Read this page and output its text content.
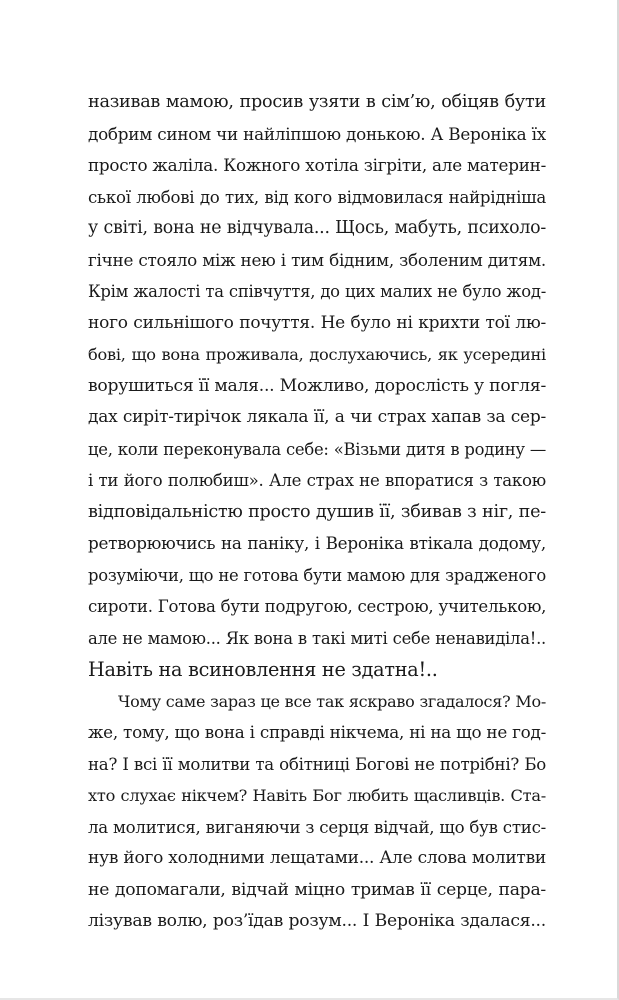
називав мамою, просив узяти в сім’ю, обіцяв бути
добрим сином чи найліпшою донькою. А Вероніка їх
просто жаліла. Кожного хотіла зігріти, але материн-
ської любові до тих, від кого відмовилася найрідніша
у світі, вона не відчувала... Щось, мабуть, психоло-
гічне стояло між нею і тим бідним, зболеним дитям.
Крім жалості та співчуття, до цих малих не було жод-
ного сильнішого почуття. Не було ні крихти тої лю-
бові, що вона проживала, дослухаючись, як усередині
ворушиться її маля... Можливо, дорослість у погля-
дах сиріт-тирічок лякала її, а чи страх хапав за сер-
це, коли переконувала себе: «Візьми дитя в родину —
і ти його полюбиш». Але страх не впоратися з такою
відповідальністю просто душив її, збивав з ніг, пе-
ретворюючись на паніку, і Вероніка втікала додому,
розуміючи, що не готова бути мамою для зрадженого
сироти. Готова бути подругою, сестрою, учителькою,
але не мамою... Як вона в такі миті себе ненавиділа!..
Навіть на всиновлення не здатна!..
Чому саме зараз це все так яскраво згадалося? Мо-
же, тому, що вона і справді нікчема, ні на що не год-
на? І всі її молитви та обітниці Богові не потрібні? Бо
хто слухає нікчем? Навіть Бог любить щасливців. Ста-
ла молитися, виганяючи з серця відчай, що був стис-
нув його холодними лещатами... Але слова молитви
не допомагали, відчай міцно тримав її серце, пара-
лізував волю, роз’їдав розум... І Вероніка здалася...
